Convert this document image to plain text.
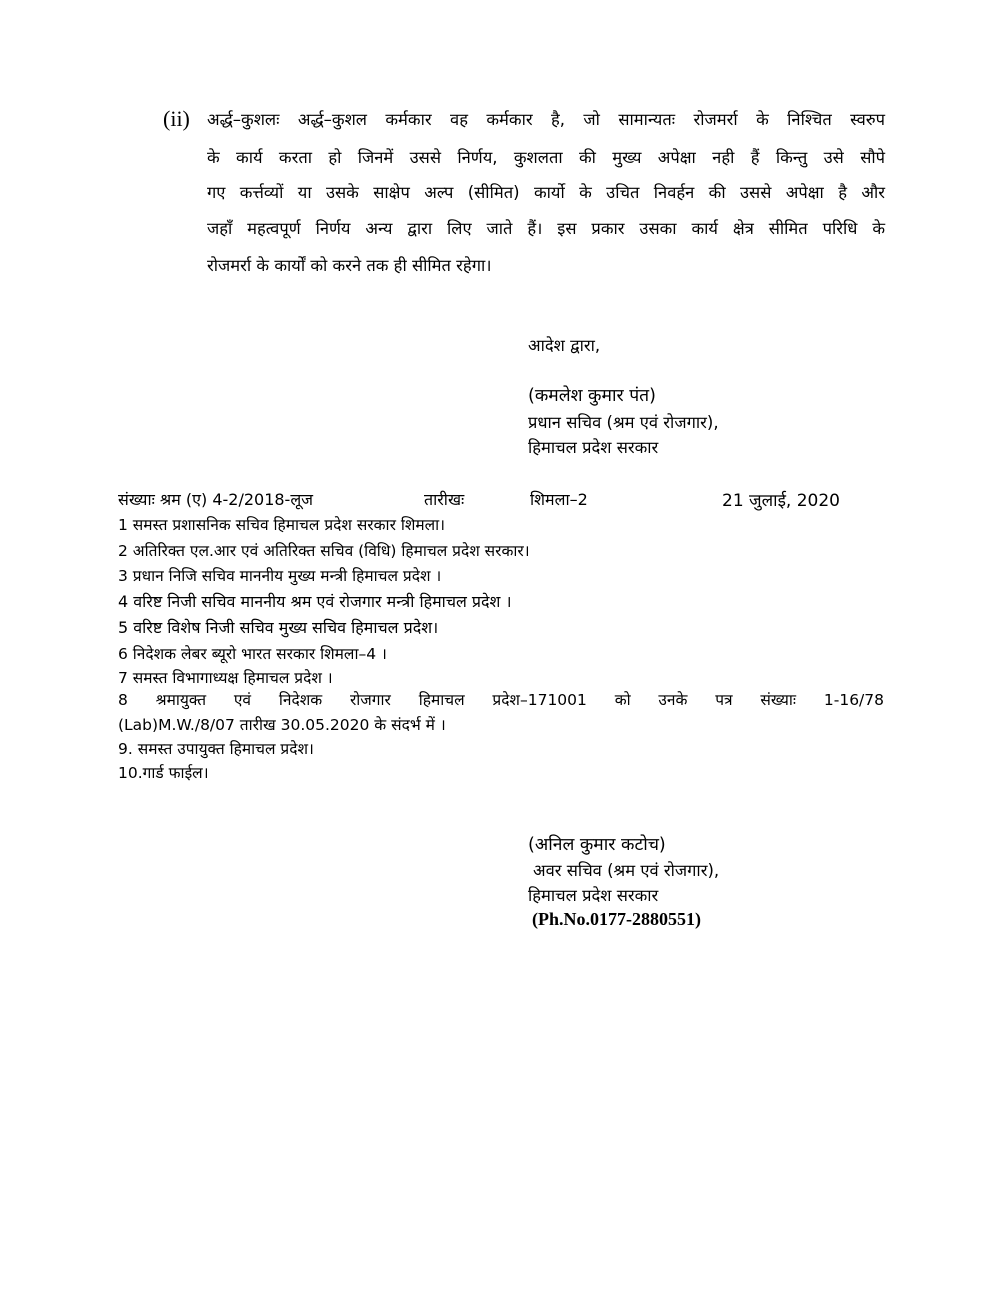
(ii) अर्द्ध–कुशलः अर्द्ध–कुशल कर्मकार वह कर्मकार है, जो सामान्यतः रोजमर्रा के निश्चित स्वरुप
के कार्य करता हो जिनमें उससे निर्णय, कुशलता की मुख्य अपेक्षा नही हैं किन्तु उसे सौपे
गए कर्त्तव्यों या उसके साक्षेप अल्प (सीमित) कार्यो के उचित निवर्हन की उससे अपेक्षा है और
जहॉं महत्वपूर्ण निर्णय अन्य द्वारा लिए जाते हैं। इस प्रकार उसका कार्य क्षेत्र सीमित परिधि के
रोजमर्रा के कार्यों को करने तक ही सीमित रहेगा।
आदेश द्वारा,
(कमलेश कुमार पंत)
प्रधान सचिव (श्रम एवं रोजगार),
हिमाचल प्रदेश सरकार
संख्याः श्रम (ए) 4-2/2018-लूज	तारीखः	शिमला–2	21 जुलाई, 2020
1 समस्त प्रशासनिक सचिव हिमाचल प्रदेश सरकार शिमला।
2 अतिरिक्त एल.आर एवं अतिरिक्त सचिव (विधि) हिमाचल प्रदेश सरकार।
3 प्रधान निजि सचिव माननीय मुख्य मन्त्री हिमाचल प्रदेश ।
4 वरिष्ट निजी सचिव माननीय श्रम एवं रोजगार मन्त्री हिमाचल प्रदेश ।
5 वरिष्ट विशेष निजी सचिव मुख्य सचिव हिमाचल प्रदेश।
6 निदेशक लेबर ब्यूरो भारत सरकार शिमला–4 ।
7 समस्त विभागाध्यक्ष हिमाचल प्रदेश ।
8 श्रमायुक्त एवं निदेशक रोजगार हिमाचल प्रदेश–171001 को उनके पत्र संख्याः 1-16/78
(Lab)M.W./8/07 तारीख 30.05.2020 के संदर्भ में ।
9. समस्त उपायुक्त हिमाचल प्रदेश।
10.गार्ड फाईल।
(अनिल कुमार कटोच)
अवर सचिव (श्रम एवं रोजगार),
हिमाचल प्रदेश सरकार
(Ph.No.0177-2880551)
